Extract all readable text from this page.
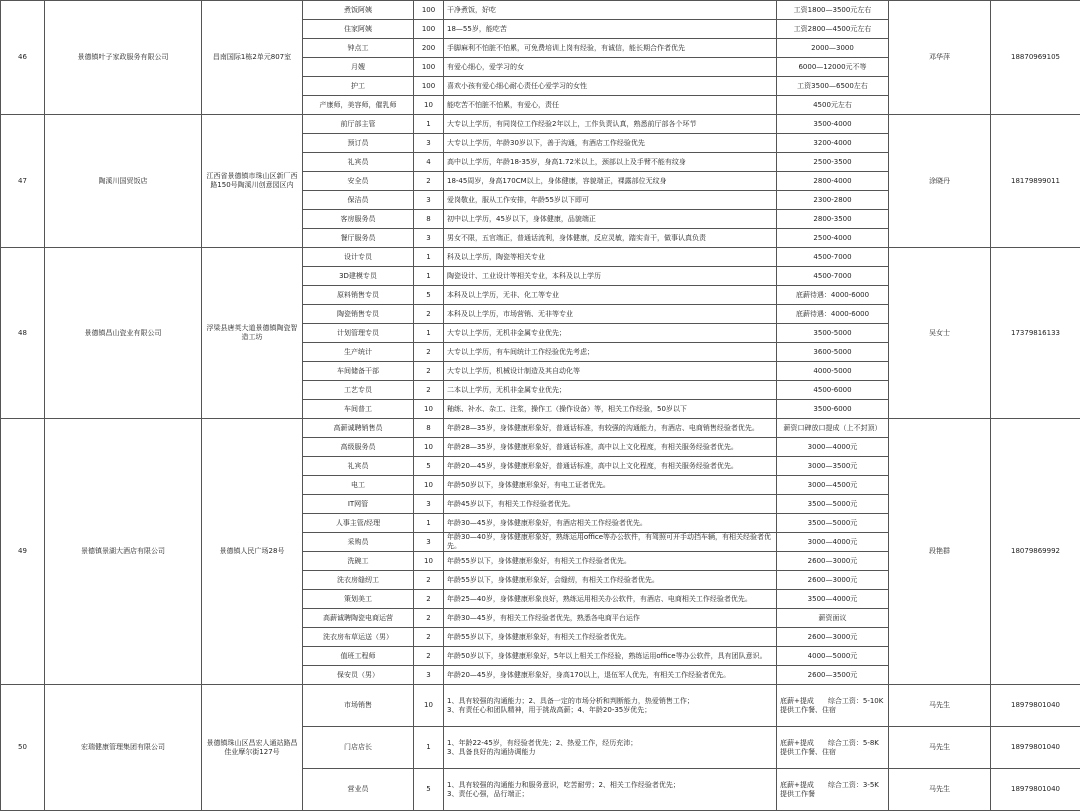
46	景德镇叶子家政服务有限公司	昌南国际1栋2单元807室	煮饭阿姨	100	干净煮饭，好吃	工资1800—3500元左右	邓华萍	18870969105
			住家阿姨	100	18—55岁，能吃苦	工资2800—4500元左右		
			钟点工	200	手脚麻利不怕脏不怕累，可免费培训上岗有经验，有诚信，能长期合作者优先	2000—3000		
			月嫂	100	有爱心细心，爱学习的女	6000—12000元不等		
			护工	100	喜欢小孩有爱心细心耐心责任心爱学习的女性	工资3500—6500左右		
			产康师，美容师，催乳师	10	能吃苦不怕脏不怕累，有爱心，责任	4500元左右		
47	陶溪川国贸饭店	江西省景德镇市珠山区新厂西路150号陶溪川创意园区内	前厅部主管	1	大专以上学历，有同岗位工作经验2年以上，工作负责认真，熟悉前厅部各个环节	3500-4000	涂晓丹	18179899011
			预订员	3	大专以上学历，年龄30岁以下，善于沟通，有酒店工作经验优先	3200-4000		
			礼宾员	4	高中以上学历，年龄18-35岁，身高1.72米以上，颈部以上及手臂不能有纹身	2500-3500		
			安全员	2	18-45周岁，身高170CM以上，身体健康，容貌端正，裸露部位无纹身	2800-4000		
			保洁员	3	爱岗敬业，服从工作安排，年龄55岁以下即可	2300-2800		
			客房服务员	8	初中以上学历，45岁以下，身体健康，品貌端正	2800-3500		
			餐厅服务员	3	男女不限，五官端正，普通话流利，身体健康，反应灵敏，踏实肯干，做事认真负责	2500-4000		
48	景德镇昌山瓷业有限公司	浮梁县唐英大道景德镇陶瓷智造工坊	设计专员	1	科及以上学历，陶瓷等相关专业	4500-7000	吴女士	17379816133
			3D建模专员	1	陶瓷设计、工业设计等相关专业，本科及以上学历	4500-7000		
			原料销售专员	5	本科及以上学历，无非、化工等专业	底薪待遇：4000-6000		
			陶瓷销售专员	2	本科及以上学历，市场营销、无非等专业	底薪待遇：4000-6000		
			计划管理专员	1	大专以上学历，无机非金属专业优先；	3500-5000		
			生产统计	2	大专以上学历，有车间统计工作经验优先考虑；	3600-5000		
			车间储备干部	2	大专以上学历，机械设计制造及其自动化等	4000-5000		
			工艺专员	2	二本以上学历，无机非金属专业优先；	4500-6000		
			车间普工	10	釉练、补水、杂工、注浆，操作工（操作设备）等，相关工作经验，50岁以下	3500-6000		
49	景德镇景湖大酒店有限公司	景德镇人民广场28号	高薪诚聘销售员	8	年龄28—35岁，身体健康形象好，普通话标准，有较强的沟通能力，有酒店、电商销售经验者优先。	薪资口碑放口提成（上不封顶）	段艳群	18079869992
			高级服务员	10	年龄28—35岁，身体健康形象好，普通话标准，高中以上文化程度，有相关服务经验者优先。	3000—4000元		
			礼宾员	5	年龄20—45岁，身体健康形象好，普通话标准，高中以上文化程度，有相关服务经验者优先。	3000—3500元		
			电工	10	年龄50岁以下，身体健康形象好，有电工证者优先。	3000—4500元		
			IT网管	3	年龄45岁以下，有相关工作经验者优先。	3500—5000元		
			人事主管/经理	1	年龄30—45岁，身体健康形象好，有酒店相关工作经验者优先。	3500—5000元		
			采购员	3	年龄30—40岁，身体健康形象好，熟练运用office等办公软件，有驾照可开手动挡车辆，有相关经验者优先。	3000—4000元		
			洗碗工	10	年龄55岁以下，身体健康形象好，有相关工作经验者优先。	2600—3000元		
			洗衣房缝纫工	2	年龄55岁以下，身体健康形象好，会缝纫，有相关工作经验者优先。	2600—3000元		
			策划美工	2	年龄25—40岁，身体健康形象良好，熟练运用相关办公软件，有酒店、电商相关工作经验者优先。	3500—4000元		
			高薪诚聘陶瓷电商运营	2	年龄30—45岁，有相关工作经验者优先，熟悉各电商平台运作	薪资面议		
			洗衣房布草运送（男）	2	年龄55岁以下，身体健康形象好，有相关工作经验者优先。	2600—3000元		
			值班工程师	2	年龄50岁以下，身体健康形象好，5年以上相关工作经验，熟练运用office等办公软件，具有团队意识。	4000—5000元		
			保安员（男）	3	年龄20—45岁，身体健康形象好，身高170以上，退伍军人优先，有相关工作经验者优先。	2600—3500元		
50	宏瑞健康管理集团有限公司	景德镇珠山区昌宏人通站路昌佳业摩尔街127号	市场销售	10	1、具有较强的沟通能力；2、具备一定的市场分析和判断能力，热爱销售工作；
3、有责任心和团队精神，用于挑战高薪；4、年龄20-35岁优先；	底薪+提成　　综合工资：5-10K
提供工作餐、住宿	马先生	18979801040
			门店店长	1	1、年龄22-45岁，有经验者优先；2、热爱工作，经历充沛；
3、具备良好的沟通协调能力	底薪+提成　　综合工资：5-8K
提供工作餐、住宿	马先生	18979801040
			营业员	5	1、具有较强的沟通能力和服务意识，吃苦耐劳；2、相关工作经验者优先；
3、责任心强，品行端正；	底薪+提成　　综合工资：3-5K
提供工作餐	马先生	18979801040
